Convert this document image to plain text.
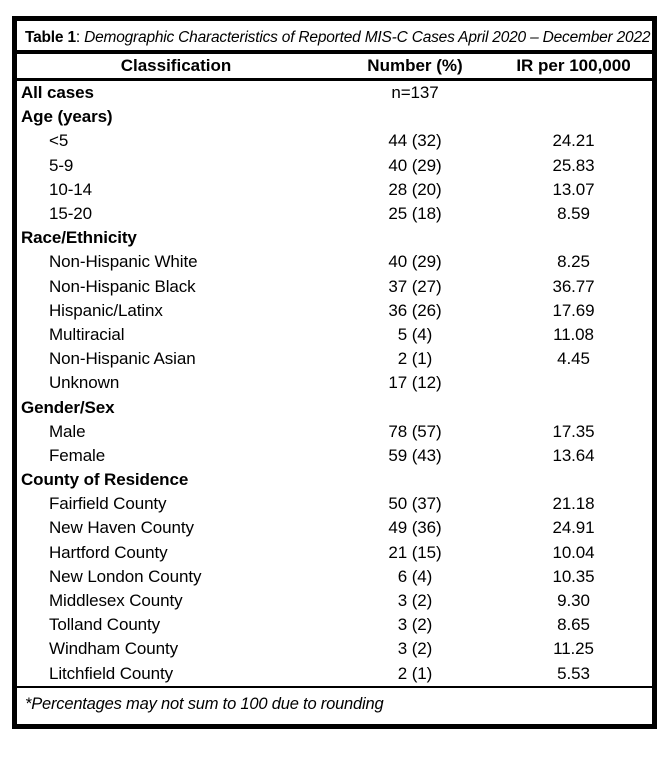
Table 1: Demographic Characteristics of Reported MIS-C Cases April 2020 – December 2022
Classification	Number (%)	IR per 100,000
All cases	n=137
Age (years)
<5	44 (32)	24.21
5-9	40 (29)	25.83
10-14	28 (20)	13.07
15-20	25 (18)	8.59
Race/Ethnicity
Non-Hispanic White	40 (29)	8.25
Non-Hispanic Black	37 (27)	36.77
Hispanic/Latinx	36 (26)	17.69
Multiracial	5 (4)	11.08
Non-Hispanic Asian	2 (1)	4.45
Unknown	17 (12)
Gender/Sex
Male	78 (57)	17.35
Female	59 (43)	13.64
County of Residence
Fairfield County	50 (37)	21.18
New Haven County	49 (36)	24.91
Hartford County	21 (15)	10.04
New London County	6 (4)	10.35
Middlesex County	3 (2)	9.30
Tolland County	3 (2)	8.65
Windham County	3 (2)	11.25
Litchfield County	2 (1)	5.53
*Percentages may not sum to 100 due to rounding
